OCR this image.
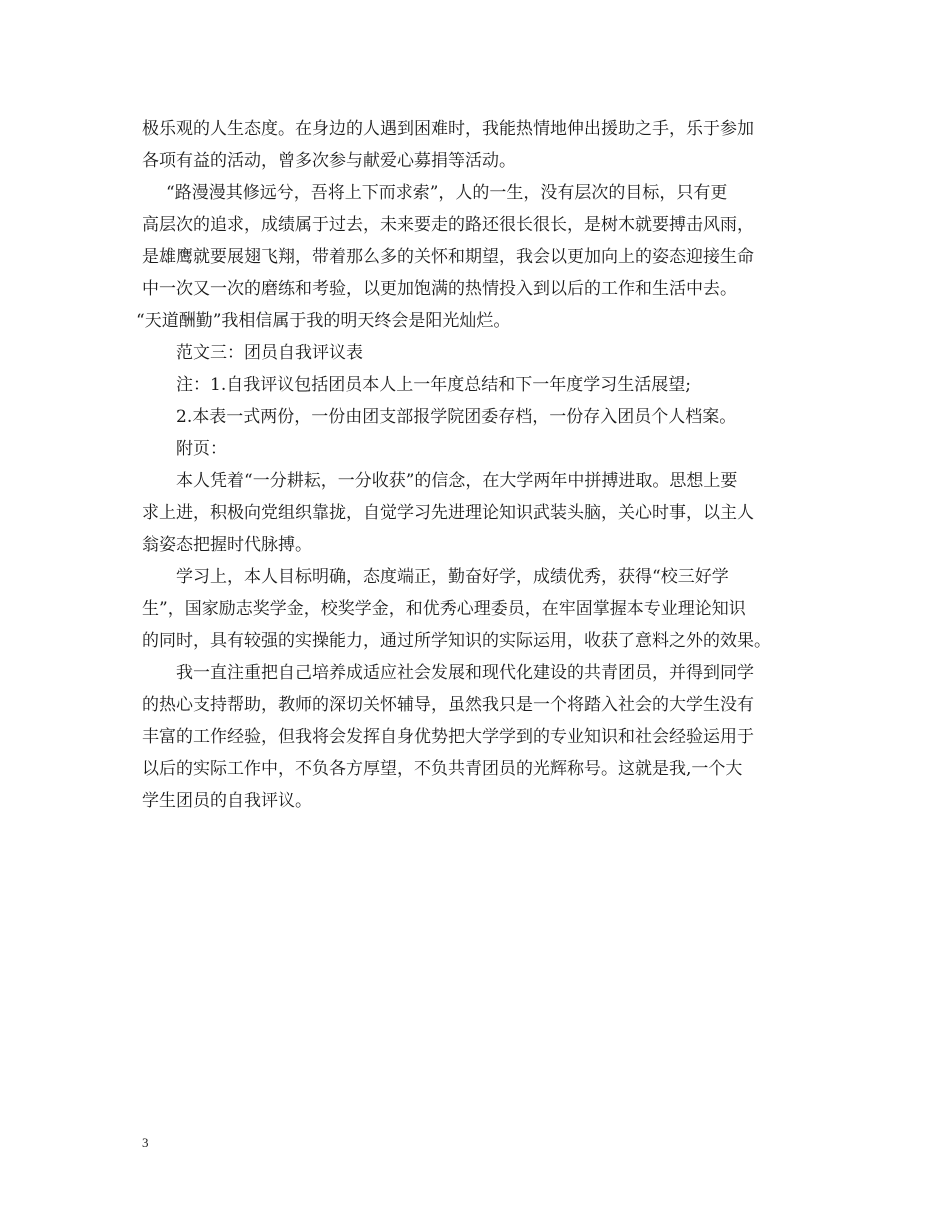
极乐观的人生态度。在身边的人遇到困难时，我能热情地伸出援助之手，乐于参加
各项有益的活动，曾多次参与献爱心募捐等活动。
“路漫漫其修远兮，吾将上下而求索”，人的一生，没有层次的目标，只有更
高层次的追求，成绩属于过去，未来要走的路还很长很长，是树木就要搏击风雨，
是雄鹰就要展翅飞翔，带着那么多的关怀和期望，我会以更加向上的姿态迎接生命
中一次又一次的磨练和考验，以更加饱满的热情投入到以后的工作和生活中去。
“天道酬勤”我相信属于我的明天终会是阳光灿烂。
范文三：团员自我评议表
注：1.自我评议包括团员本人上一年度总结和下一年度学习生活展望;
2.本表一式两份，一份由团支部报学院团委存档，一份存入团员个人档案。
附页：
本人凭着“一分耕耘，一分收获”的信念，在大学两年中拼搏进取。思想上要
求上进，积极向党组织靠拢，自觉学习先进理论知识武装头脑，关心时事，以主人
翁姿态把握时代脉搏。
学习上，本人目标明确，态度端正，勤奋好学，成绩优秀，获得“校三好学
生”，国家励志奖学金，校奖学金，和优秀心理委员，在牢固掌握本专业理论知识
的同时，具有较强的实操能力，通过所学知识的实际运用，收获了意料之外的效果。
我一直注重把自己培养成适应社会发展和现代化建设的共青团员，并得到同学
的热心支持帮助，教师的深切关怀辅导，虽然我只是一个将踏入社会的大学生没有
丰富的工作经验，但我将会发挥自身优势把大学学到的专业知识和社会经验运用于
以后的实际工作中，不负各方厚望，不负共青团员的光辉称号。这就是我,一个大
学生团员的自我评议。
3
